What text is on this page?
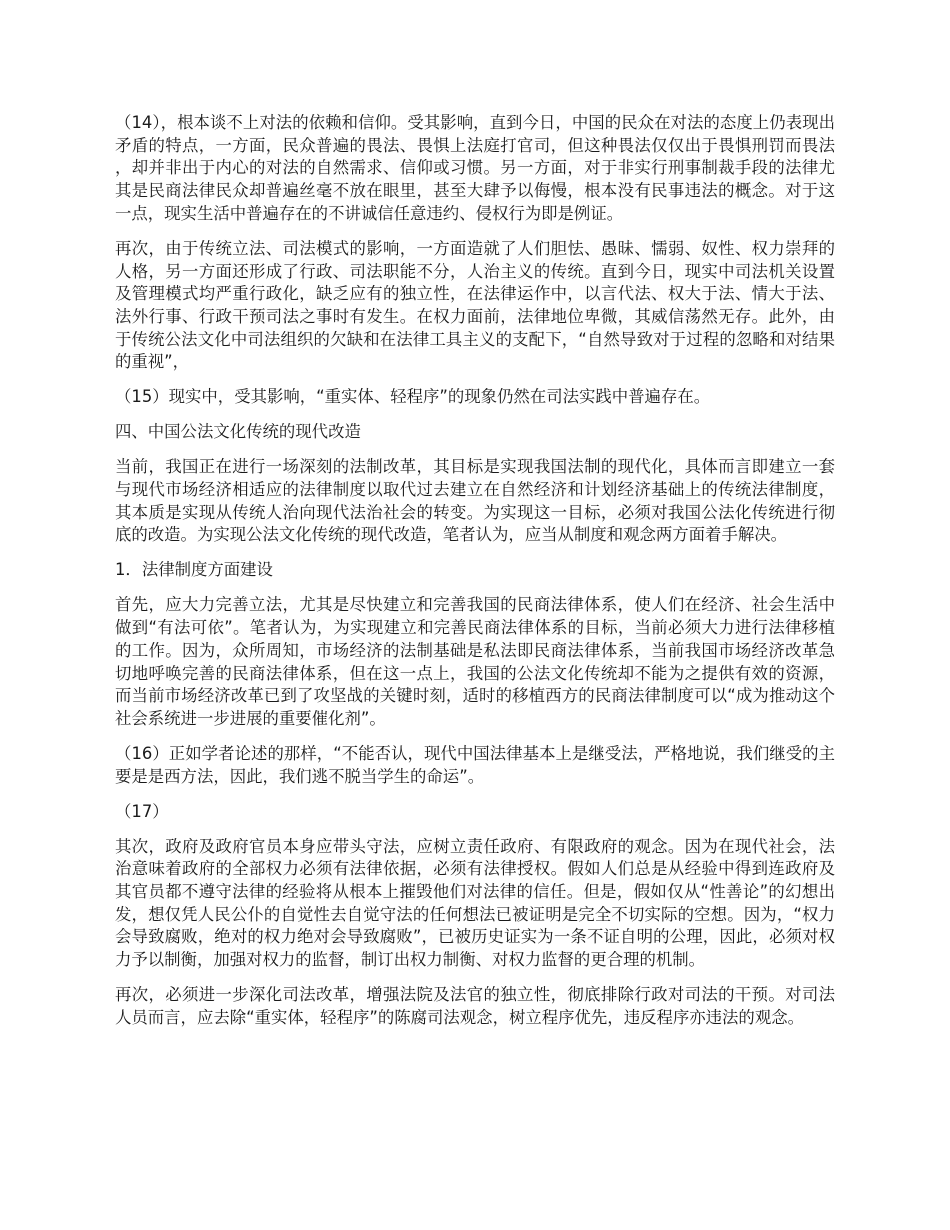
（14），根本谈不上对法的依赖和信仰。受其影响，直到今日，中国的民众在对法的态度上仍表现出矛盾的特点，一方面，民众普遍的畏法、畏惧上法庭打官司，但这种畏法仅仅出于畏惧刑罚而畏法，却并非出于内心的对法的自然需求、信仰或习惯。另一方面，对于非实行刑事制裁手段的法律尤其是民商法律民众却普遍丝毫不放在眼里，甚至大肆予以侮慢，根本没有民事违法的概念。对于这一点，现实生活中普遍存在的不讲诚信任意违约、侵权行为即是例证。

再次，由于传统立法、司法模式的影响，一方面造就了人们胆怯、愚昧、懦弱、奴性、权力崇拜的人格，另一方面还形成了行政、司法职能不分，人治主义的传统。直到今日，现实中司法机关设置及管理模式均严重行政化，缺乏应有的独立性，在法律运作中，以言代法、权大于法、情大于法、法外行事、行政干预司法之事时有发生。在权力面前，法律地位卑微，其威信荡然无存。此外，由于传统公法文化中司法组织的欠缺和在法律工具主义的支配下，“自然导致对于过程的忽略和对结果的重视”，

（15）现实中，受其影响，“重实体、轻程序”的现象仍然在司法实践中普遍存在。

四、中国公法文化传统的现代改造

当前，我国正在进行一场深刻的法制改革，其目标是实现我国法制的现代化，具体而言即建立一套与现代市场经济相适应的法律制度以取代过去建立在自然经济和计划经济基础上的传统法律制度，其本质是实现从传统人治向现代法治社会的转变。为实现这一目标，必须对我国公法化传统进行彻底的改造。为实现公法文化传统的现代改造，笔者认为，应当从制度和观念两方面着手解决。

1．法律制度方面建设

首先，应大力完善立法，尤其是尽快建立和完善我国的民商法律体系，使人们在经济、社会生活中做到“有法可依”。笔者认为，为实现建立和完善民商法律体系的目标，当前必须大力进行法律移植的工作。因为，众所周知，市场经济的法制基础是私法即民商法律体系，当前我国市场经济改革急切地呼唤完善的民商法律体系，但在这一点上，我国的公法文化传统却不能为之提供有效的资源，而当前市场经济改革已到了攻坚战的关键时刻，适时的移植西方的民商法律制度可以“成为推动这个社会系统进一步进展的重要催化剂”。

（16）正如学者论述的那样，“不能否认，现代中国法律基本上是继受法，严格地说，我们继受的主要是是西方法，因此，我们逃不脱当学生的命运”。

（17）

其次，政府及政府官员本身应带头守法，应树立责任政府、有限政府的观念。因为在现代社会，法治意味着政府的全部权力必须有法律依据，必须有法律授权。假如人们总是从经验中得到连政府及其官员都不遵守法律的经验将从根本上摧毁他们对法律的信任。但是，假如仅从“性善论”的幻想出发，想仅凭人民公仆的自觉性去自觉守法的任何想法已被证明是完全不切实际的空想。因为，“权力会导致腐败，绝对的权力绝对会导致腐败”，已被历史证实为一条不证自明的公理，因此，必须对权力予以制衡，加强对权力的监督，制订出权力制衡、对权力监督的更合理的机制。

再次，必须进一步深化司法改革，增强法院及法官的独立性，彻底排除行政对司法的干预。对司法人员而言，应去除“重实体，轻程序”的陈腐司法观念，树立程序优先，违反程序亦违法的观念。
